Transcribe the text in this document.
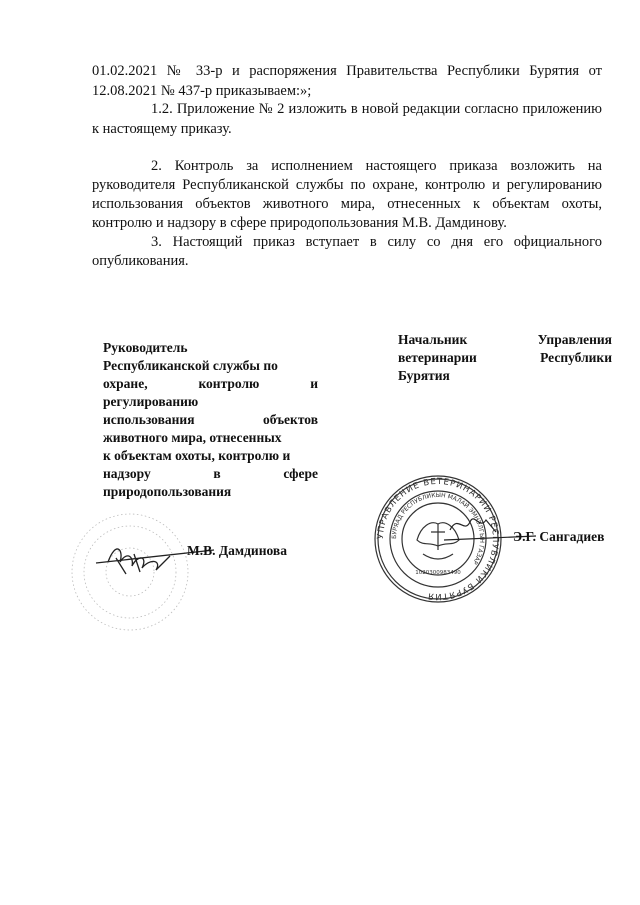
01.02.2021 № 33-р и распоряжения Правительства Республики Бурятия от
12.08.2021 № 437-р приказываем:»;
1.2. Приложение № 2 изложить в новой редакции согласно приложению
к настоящему приказу.
2. Контроль за исполнением настоящего приказа возложить на
руководителя Республиканской службы по охране, контролю и регулированию
использования объектов животного мира, отнесенных к объектам охоты,
контролю и надзору в сфере природопользования М.В. Дамдинову.
3. Настоящий приказ вступает в силу со дня его официального
опубликования.
Руководитель
Республиканской службы по
охране, контролю и
регулированию
использования объектов
животного мира, отнесенных
к объектам охоты, контролю и
надзору в сфере
природопользования
М.В. Дамдинова
Начальник Управления
ветеринарии Республики
Бурятия
УПРАВЛЕНИЕ ВЕТЕРИНАРИИ РЕСПУБЛИКИ БУРЯТИЯ
БУРЯАД РЕСПУБЛИКЫН МАЛАЙ ЭМНЭЛГЫН ГАЗАР
1020300983490
Э.Г. Сангадиев
